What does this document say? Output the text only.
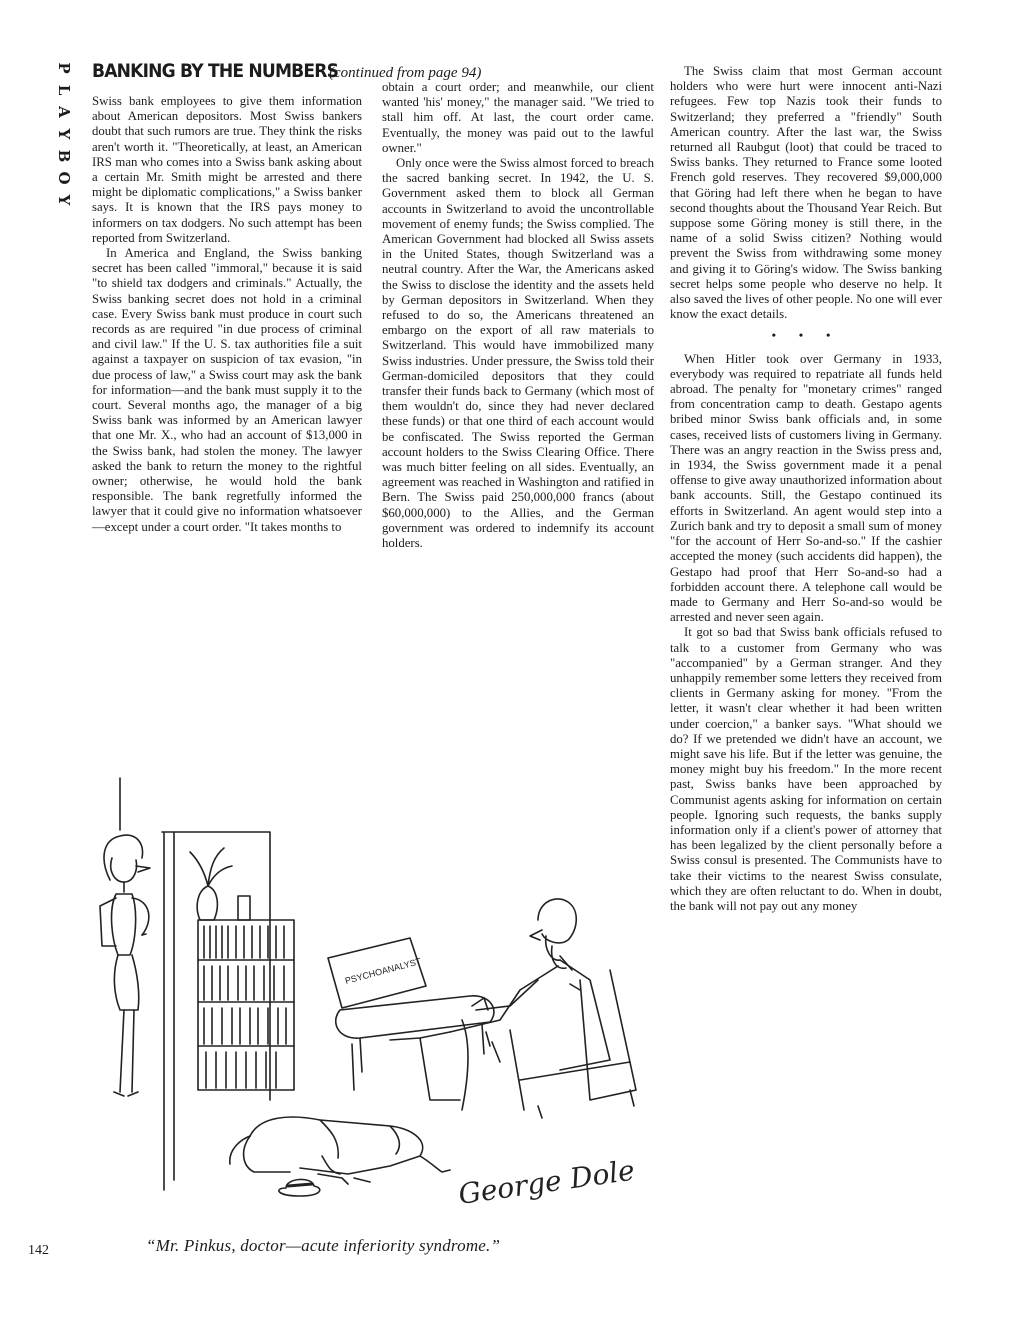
P
L
A
Y
B
O
Y
BANKING BY THE NUMBERS
(continued from page 94)

Swiss bank employees to give them information about American depositors. Most Swiss bankers doubt that such rumors are true. They think the risks aren't worth it. "Theoretically, at least, an American IRS man who comes into a Swiss bank asking about a certain Mr. Smith might be arrested and there might be diplomatic complications," a Swiss banker says. It is known that the IRS pays money to informers on tax dodgers. No such attempt has been reported from Switzerland.

In America and England, the Swiss banking secret has been called "immoral," because it is said "to shield tax dodgers and criminals." Actually, the Swiss banking secret does not hold in a criminal case. Every Swiss bank must produce in court such records as are required "in due process of criminal and civil law." If the U. S. tax authorities file a suit against a taxpayer on suspicion of tax evasion, "in due process of law," a Swiss court may ask the bank for information—and the bank must supply it to the court. Several months ago, the manager of a big Swiss bank was informed by an American lawyer that one Mr. X., who had an account of $13,000 in the Swiss bank, had stolen the money. The lawyer asked the bank to return the money to the rightful owner; otherwise, he would hold the bank responsible. The bank regretfully informed the lawyer that it could give no information whatsoever—except under a court order. "It takes months to

obtain a court order; and meanwhile, our client wanted 'his' money," the manager said. "We tried to stall him off. At last, the court order came. Eventually, the money was paid out to the lawful owner."

Only once were the Swiss almost forced to breach the sacred banking secret. In 1942, the U. S. Government asked them to block all German accounts in Switzerland to avoid the uncontrollable movement of enemy funds; the Swiss complied. The American Government had blocked all Swiss assets in the United States, though Switzerland was a neutral country. After the War, the Americans asked the Swiss to disclose the identity and the assets held by German depositors in Switzerland. When they refused to do so, the Americans threatened an embargo on the export of all raw materials to Switzerland. This would have immobilized many Swiss industries. Under pressure, the Swiss told their German-domiciled depositors that they could transfer their funds back to Germany (which most of them wouldn't do, since they had never declared these funds) or that one third of each account would be confiscated. The Swiss reported the German account holders to the Swiss Clearing Office. There was much bitter feeling on all sides. Eventually, an agreement was reached in Washington and ratified in Bern. The Swiss paid 250,000,000 francs (about $60,000,000) to the Allies, and the German government was ordered to indemnify its account holders.

The Swiss claim that most German account holders who were hurt were innocent anti-Nazi refugees. Few top Nazis took their funds to Switzerland; they preferred a "friendly" South American country. After the last war, the Swiss returned all Raubgut (loot) that could be traced to Swiss banks. They returned to France some looted French gold reserves. They recovered $9,000,000 that Göring had left there when he began to have second thoughts about the Thousand Year Reich. But suppose some Göring money is still there, in the name of a solid Swiss citizen? Nothing would prevent the Swiss from withdrawing some money and giving it to Göring's widow. The Swiss banking secret helps some people who deserve no help. It also saved the lives of other people. No one will ever know the exact details.

• • •

When Hitler took over Germany in 1933, everybody was required to repatriate all funds held abroad. The penalty for "monetary crimes" ranged from concentration camp to death. Gestapo agents bribed minor Swiss bank officials and, in some cases, received lists of customers living in Germany. There was an angry reaction in the Swiss press and, in 1934, the Swiss government made it a penal offense to give away unauthorized information about bank accounts. Still, the Gestapo continued its efforts in Switzerland. An agent would step into a Zurich bank and try to deposit a small sum of money "for the account of Herr So-and-so." If the cashier accepted the money (such accidents did happen), the Gestapo had proof that Herr So-and-so had a forbidden account there. A telephone call would be made to Germany and Herr So-and-so would be arrested and never seen again.

It got so bad that Swiss bank officials refused to talk to a customer from Germany who was "accompanied" by a German stranger. And they unhappily remember some letters they received from clients in Germany asking for money. "From the letter, it wasn't clear whether it had been written under coercion," a banker says. "What should we do? If we pretended we didn't have an account, we might save his life. But if the letter was genuine, the money might buy his freedom." In the more recent past, Swiss banks have been approached by Communist agents asking for information on certain people. Ignoring such requests, the banks supply information only if a client's power of attorney that has been legalized by the client personally before a Swiss consul is presented. The Communists have to take their victims to the nearest Swiss consulate, which they are often reluctant to do. When in doubt, the bank will not pay out any money

PSYCHOANALYST
George Dole
“Mr. Pinkus, doctor—acute inferiority syndrome.”
142
